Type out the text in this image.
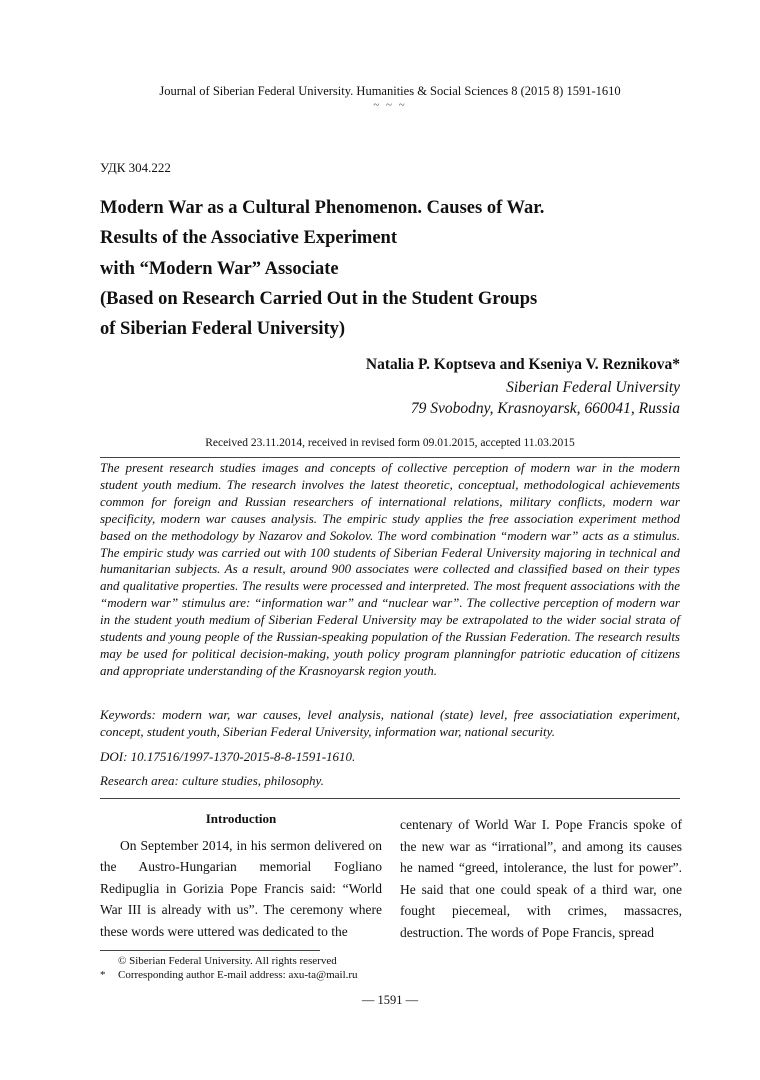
Journal of Siberian Federal University. Humanities & Social Sciences 8 (2015 8) 1591-1610
~ ~ ~
УДК 304.222
Modern War as a Cultural Phenomenon. Causes of War.
Results of the Associative Experiment
with “Modern War” Associate
(Based on Research Carried Out in the Student Groups
of Siberian Federal University)
Natalia P. Koptseva and Kseniya V. Reznikova*
Siberian Federal University
79 Svobodny, Krasnoyarsk, 660041, Russia
Received 23.11.2014, received in revised form 09.01.2015, accepted 11.03.2015
The present research studies images and concepts of collective perception of modern war in the modern student youth medium. The research involves the latest theoretic, conceptual, methodological achievements common for foreign and Russian researchers of international relations, military conflicts, modern war specificity, modern war causes analysis. The empiric study applies the free association experiment method based on the methodology by Nazarov and Sokolov. The word combination “modern war” acts as a stimulus. The empiric study was carried out with 100 students of Siberian Federal University majoring in technical and humanitarian subjects. As a result, around 900 associates were collected and classified based on their types and qualitative properties. The results were processed and interpreted. The most frequent associations with the “modern war” stimulus are: “information war” and “nuclear war”. The collective perception of modern war in the student youth medium of Siberian Federal University may be extrapolated to the wider social strata of students and young people of the Russian-speaking population of the Russian Federation. The research results may be used for political decision-making, youth policy program planningfor patriotic education of citizens and appropriate understanding of the Krasnoyarsk region youth.
Keywords: modern war, war causes, level analysis, national (state) level, free associatiation experiment, concept, student youth, Siberian Federal University, information war, national security.
DOI: 10.17516/1997-1370-2015-8-8-1591-1610.
Research area: culture studies, philosophy.
Introduction
On September 2014, in his sermon delivered on the Austro-Hungarian memorial Fogliano Redipuglia in Gorizia Pope Francis said: “World War III is already with us”. The ceremony where these words were uttered was dedicated to the
centenary of World War I. Pope Francis spoke of the new war as “irrational”, and among its causes he named “greed, intolerance, the lust for power”. He said that one could speak of a third war, one fought piecemeal, with crimes, massacres, destruction. The words of Pope Francis, spread
© Siberian Federal University. All rights reserved
* Corresponding author E-mail address: axu-ta@mail.ru
— 1591 —
